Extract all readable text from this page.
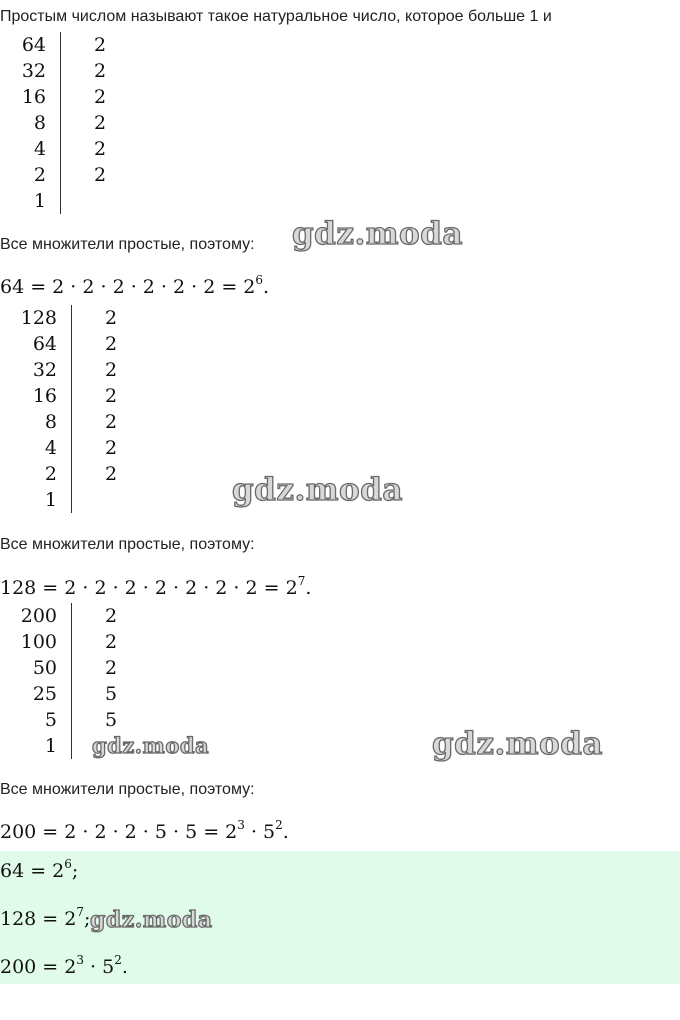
Простым числом называют такое натуральное число, которое больше 1 и
64	2
32	2
16	2
8	2
4	2
2	2
1
Все множители простые, поэтому: gdz.moda
$64 = 2 \cdot 2 \cdot 2 \cdot 2 \cdot 2 \cdot 2 = 2^6$.
128	2
64	2
32	2
16	2
8	2
4	2
2	2
1	gdz.moda
Все множители простые, поэтому:
$128 = 2 \cdot 2 \cdot 2 \cdot 2 \cdot 2 \cdot 2 \cdot 2 = 2^7$.
200	2
100	2
50	2
25	5
5	5
1 gdz.moda	gdz.moda
Все множители простые, поэтому:
$200 = 2 \cdot 2 \cdot 2 \cdot 5 \cdot 5 = 2^3 \cdot 5^2$.
$64 = 2^6$;
$128 = 2^7$; gdz.moda
$200 = 2^3 \cdot 5^2$.
